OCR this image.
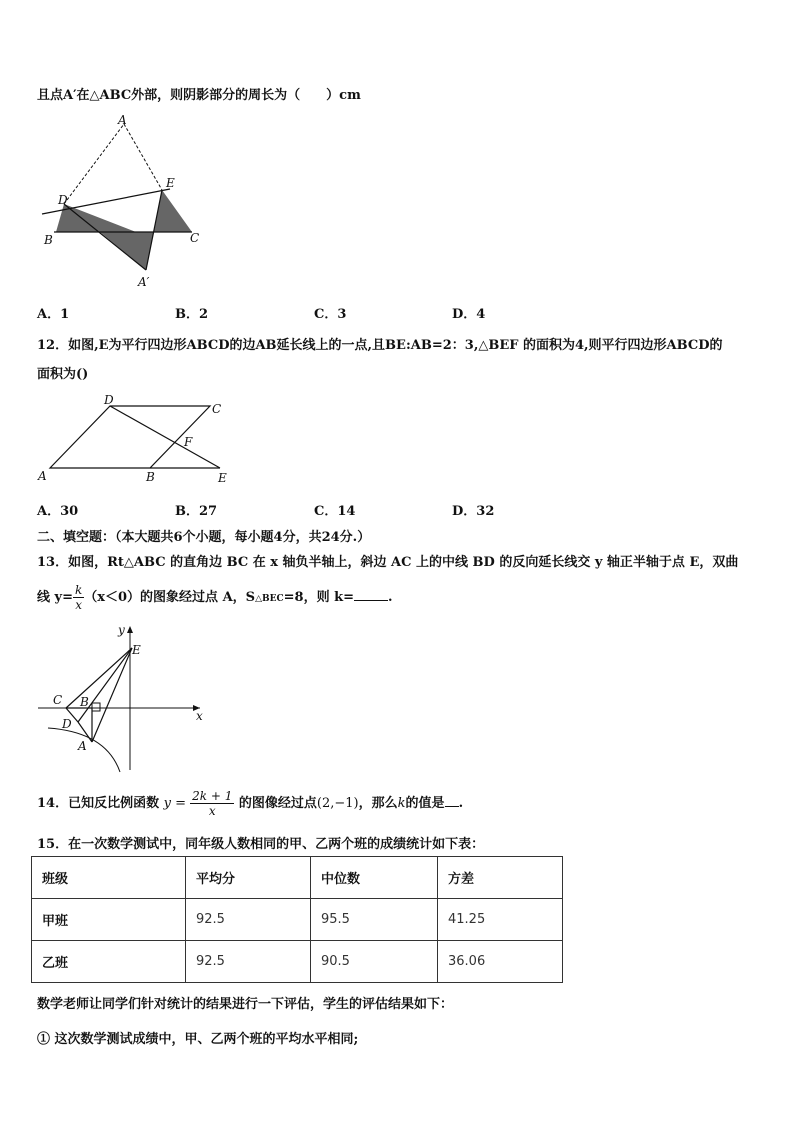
且点A′在△ABC外部，则阴影部分的周长为（　　）cm
A
D
E
B	C
A′
A．1	B．2	C．3	D．4
12．如图,E为平行四边形ABCD的边AB延长线上的一点,且BE:AB=2：3,△BEF 的面积为4,则平行四边形ABCD的
面积为()
D
C
F
A	B	E
A．30	B．27	C．14	D．32
二、填空题：（本大题共6个小题，每小题4分，共24分.）
13．如图，Rt△ABC 的直角边 BC 在 x 轴负半轴上，斜边 AC 上的中线 BD 的反向延长线交 y 轴正半轴于点 E，双曲
线 $y= \frac{k}{x} (x<0)$的图象经过点 A，S△BEC=8，则 k=	.
y
E
C B
D
x
A
14．已知反比例函数 $y = \frac{2k + 1}{x}$ 的图像经过点(2,−1)，那么k的值是 .
15．在一次数学测试中，同年级人数相同的甲、乙两个班的成绩统计如下表：
班级	平均分	中位数	方差
甲班	92.5	95.5	41.25
乙班	92.5	90.5	36.06
数学老师让同学们针对统计的结果进行一下评估，学生的评估结果如下：
① 这次数学测试成绩中，甲、乙两个班的平均水平相同;
